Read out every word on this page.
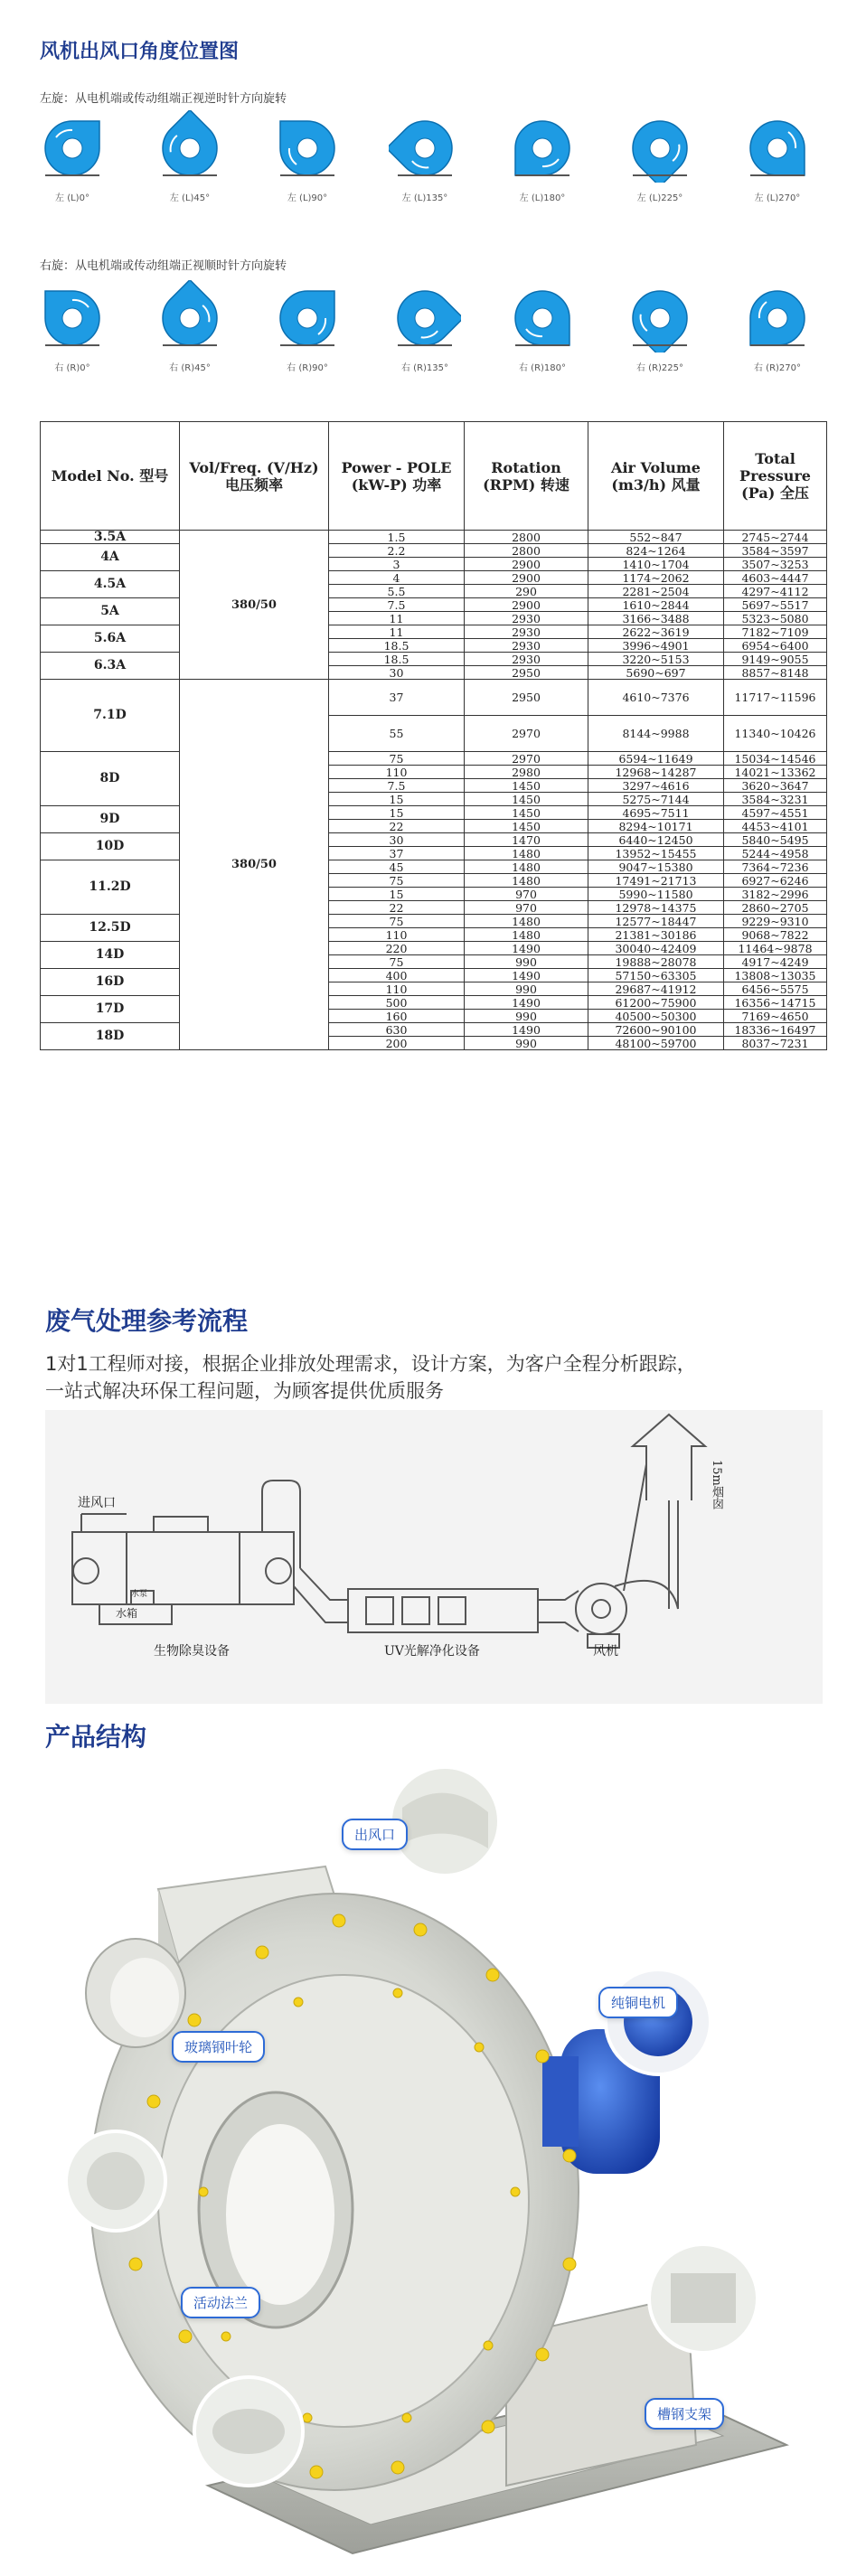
风机出风口角度位置图
左旋：从电机端或传动组端正视逆时针方向旋转
左 (L)0°	左 (L)45°	左 (L)90°	左 (L)135°	左 (L)180°	左 (L)225°	左 (L)270°
右旋：从电机端或传动组端正视顺时针方向旋转
右 (R)0°	右 (R)45°	右 (R)90°	右 (R)135°	右 (R)180°	右 (R)225°	右 (R)270°
Model No. 型号	Vol/Freq. (V/Hz) 电压频率	Power - POLE (kW-P) 功率	Rotation (RPM) 转速	Air Volume (m3/h) 风量	Total Pressure (Pa) 全压
3.5A	380/50	1.5	2800	552~847	2745~2744
4A		2.2	2800	824~1264	3584~3597
		3	2900	1410~1704	3507~3253
4.5A		4	2900	1174~2062	4603~4447
		5.5	290	2281~2504	4297~4112
5A		7.5	2900	1610~2844	5697~5517
		11	2930	3166~3488	5323~5080
5.6A		11	2930	2622~3619	7182~7109
		18.5	2930	3996~4901	6954~6400
6.3A		18.5	2930	3220~5153	9149~9055
		30	2950	5690~697	8857~8148
7.1D	380/50	37	2950	4610~7376	11717~11596
		55	2970	8144~9988	11340~10426
8D		75	2970	6594~11649	15034~14546
		110	2980	12968~14287	14021~13362
		7.5	1450	3297~4616	3620~3647
		15	1450	5275~7144	3584~3231
9D		15	1450	4695~7511	4597~4551
		22	1450	8294~10171	4453~4101
10D		30	1470	6440~12450	5840~5495
		37	1480	13952~15455	5244~4958
11.2D		45	1480	9047~15380	7364~7236
		75	1480	17491~21713	6927~6246
		15	970	5990~11580	3182~2996
		22	970	12978~14375	2860~2705
12.5D		75	1480	12577~18447	9229~9310
		110	1480	21381~30186	9068~7822
14D		220	1490	30040~42409	11464~9878
		75	990	19888~28078	4917~4249
16D		400	1490	57150~63305	13808~13035
		110	990	29687~41912	6456~5575
17D		500	1490	61200~75900	16356~14715
		160	990	40500~50300	7169~4650
18D		630	1490	72600~90100	18336~16497
		200	990	48100~59700	8037~7231
废气处理参考流程
1对1工程师对接，根据企业排放处理需求，设计方案，为客户全程分析跟踪，
一站式解决环保工程问题，为顾客提供优质服务
进风口
水箱
水泵
生物除臭设备	UV光解净化设备	风机
15m烟囱
产品结构
出风口
纯铜电机
玻璃钢叶轮
活动法兰
槽钢支架
